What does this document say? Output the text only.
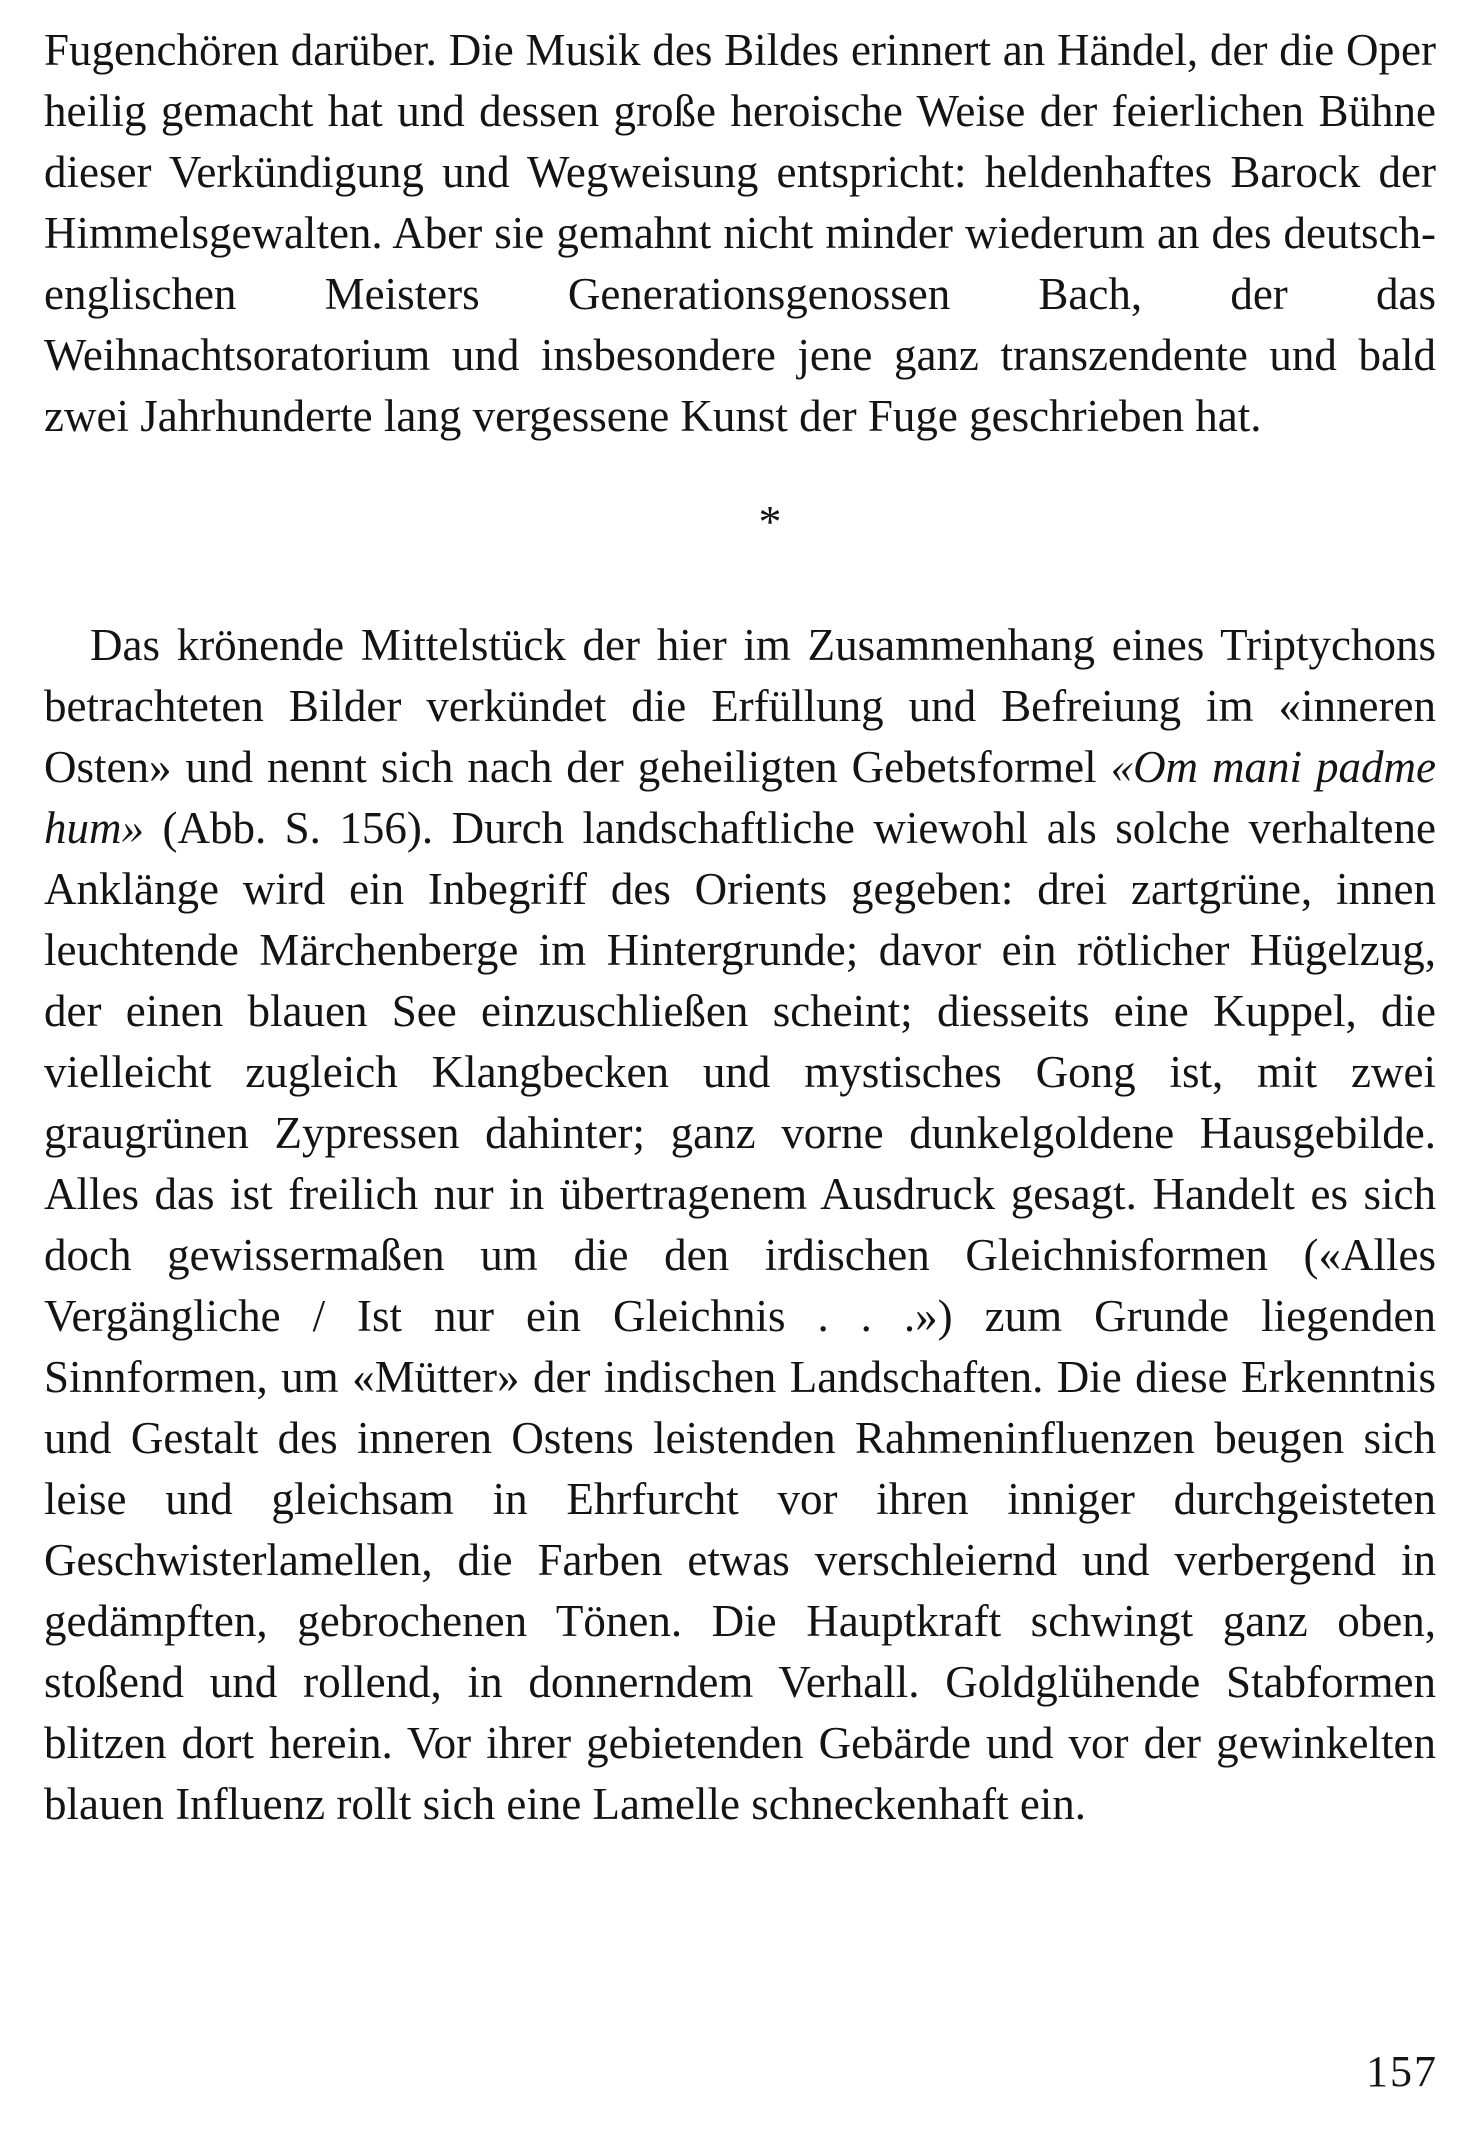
Fugenchören darüber. Die Musik des Bildes erinnert an Händel, der die Oper heilig gemacht hat und dessen große heroische Weise der feierlichen Bühne dieser Verkündigung und Wegweisung entspricht: heldenhaftes Barock der Himmelsgewalten. Aber sie gemahnt nicht minder wiederum an des deutsch-englischen Meisters Generationsgenossen Bach, der das Weihnachtsoratorium und insbesondere jene ganz transzendente und bald zwei Jahrhunderte lang vergessene Kunst der Fuge geschrieben hat.

*

Das krönende Mittelstück der hier im Zusammenhang eines Triptychons betrachteten Bilder verkündet die Erfüllung und Befreiung im «inneren Osten» und nennt sich nach der geheiligten Gebetsformel «Om mani padme hum» (Abb. S. 156). Durch landschaftliche wiewohl als solche verhaltene Anklänge wird ein Inbegriff des Orients gegeben: drei zartgrüne, innen leuchtende Märchenberge im Hintergrunde; davor ein rötlicher Hügelzug, der einen blauen See einzuschließen scheint; diesseits eine Kuppel, die vielleicht zugleich Klangbecken und mystisches Gong ist, mit zwei graugrünen Zypressen dahinter; ganz vorne dunkelgoldene Hausgebilde. Alles das ist freilich nur in übertragenem Ausdruck gesagt. Handelt es sich doch gewissermaßen um die den irdischen Gleichnisformen («Alles Vergängliche / Ist nur ein Gleichnis . . .») zum Grunde liegenden Sinnformen, um «Mütter» der indischen Landschaften. Die diese Erkenntnis und Gestalt des inneren Ostens leistenden Rahmeninfluenzen beugen sich leise und gleichsam in Ehrfurcht vor ihren inniger durchgeisteten Geschwisterlamellen, die Farben etwas verschleiernd und verbergend in gedämpften, gebrochenen Tönen. Die Hauptkraft schwingt ganz oben, stoßend und rollend, in donnerndem Verhall. Goldglühende Stabformen blitzen dort herein. Vor ihrer gebietenden Gebärde und vor der gewinkelten blauen Influenz rollt sich eine Lamelle schneckenhaft ein.

157
